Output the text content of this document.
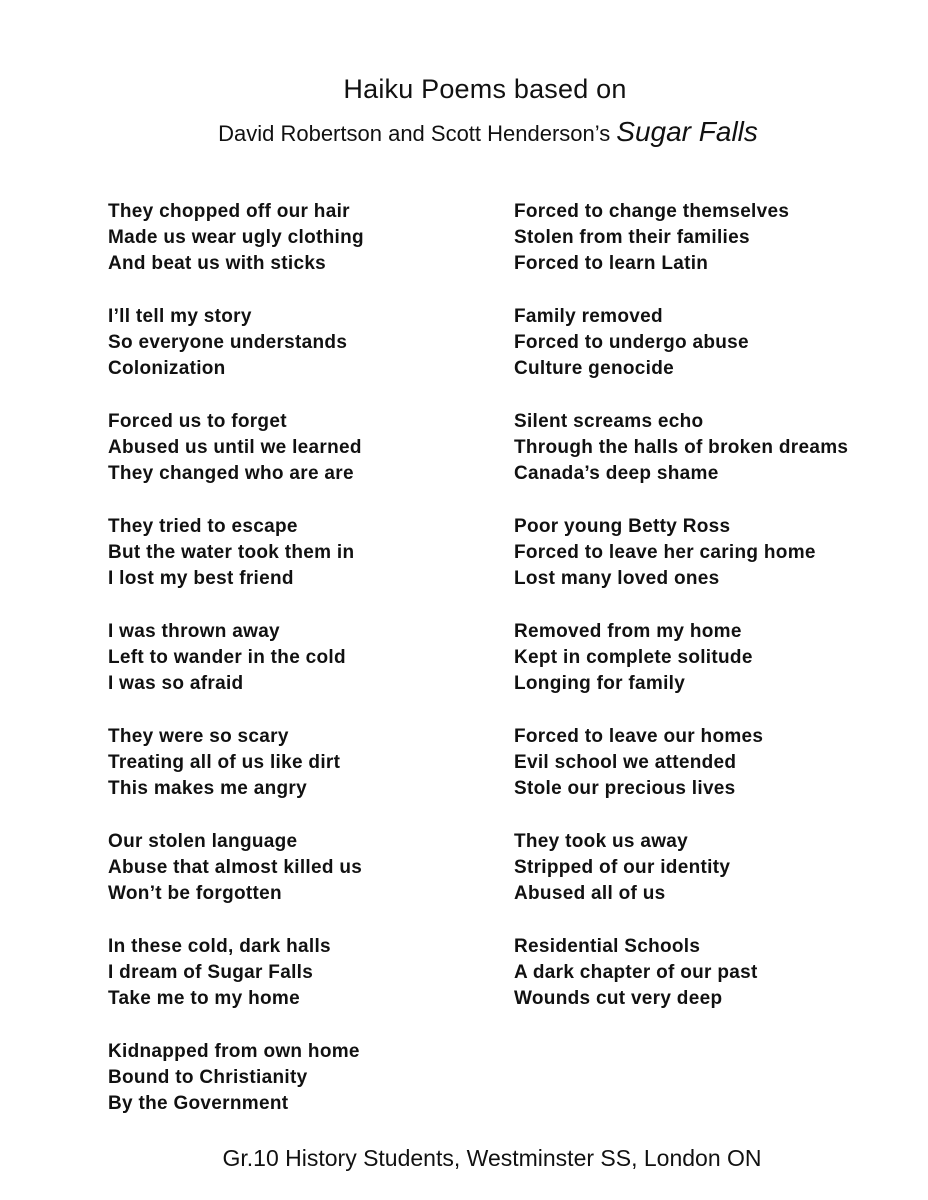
Haiku Poems based on
David Robertson and Scott Henderson’s Sugar Falls
They chopped off our hair
Made us wear ugly clothing
And beat us with sticks
I’ll tell my story
So everyone understands
Colonization
Forced us to forget
Abused us until we learned
They changed who are are
They tried to escape
But the water took them in
I lost my best friend
I was thrown away
Left to wander in the cold
I was so afraid
They were so scary
Treating all of us like dirt
This makes me angry
Our stolen language
Abuse that almost killed us
Won’t be forgotten
In these cold, dark halls
I dream of Sugar Falls
Take me to my home
Kidnapped from own home
Bound to Christianity
By the Government
Forced to change themselves
Stolen from their families
Forced to learn Latin
Family removed
Forced to undergo abuse
Culture genocide
Silent screams echo
Through the halls of broken dreams
Canada’s deep shame
Poor young Betty Ross
Forced to leave her caring home
Lost many loved ones
Removed from my home
Kept in complete solitude
Longing for family
Forced to leave our homes
Evil school we attended
Stole our precious lives
They took us away
Stripped of our identity
Abused all of us
Residential Schools
A dark chapter of our past
Wounds cut very deep
Gr.10 History Students, Westminster SS, London ON
